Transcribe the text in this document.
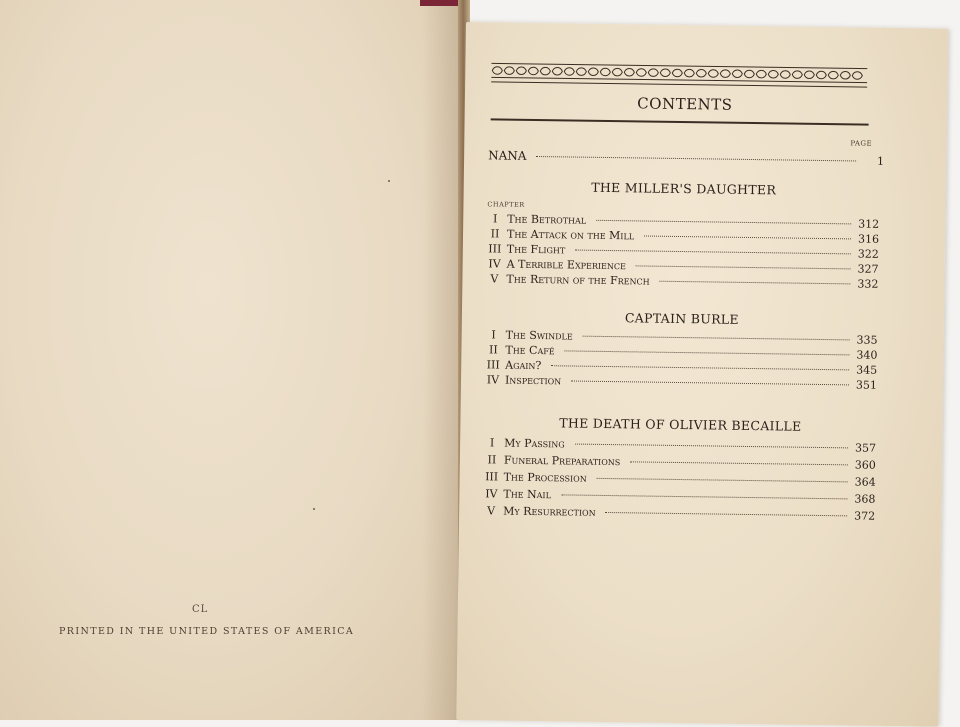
CL
PRINTED IN THE UNITED STATES OF AMERICA
CONTENTS
PAGE
NANA	1
THE MILLER'S DAUGHTER
CHAPTER
I The Betrothal	312
II The Attack on the Mill	316
III The Flight	322
IV A Terrible Experience	327
V The Return of the French	332
CAPTAIN BURLE
I The Swindle	335
II The Café	340
III Again?	345
IV Inspection	351
THE DEATH OF OLIVIER BECAILLE
I My Passing	357
II Funeral Preparations	360
III The Procession	364
IV The Nail	368
V My Resurrection	372
